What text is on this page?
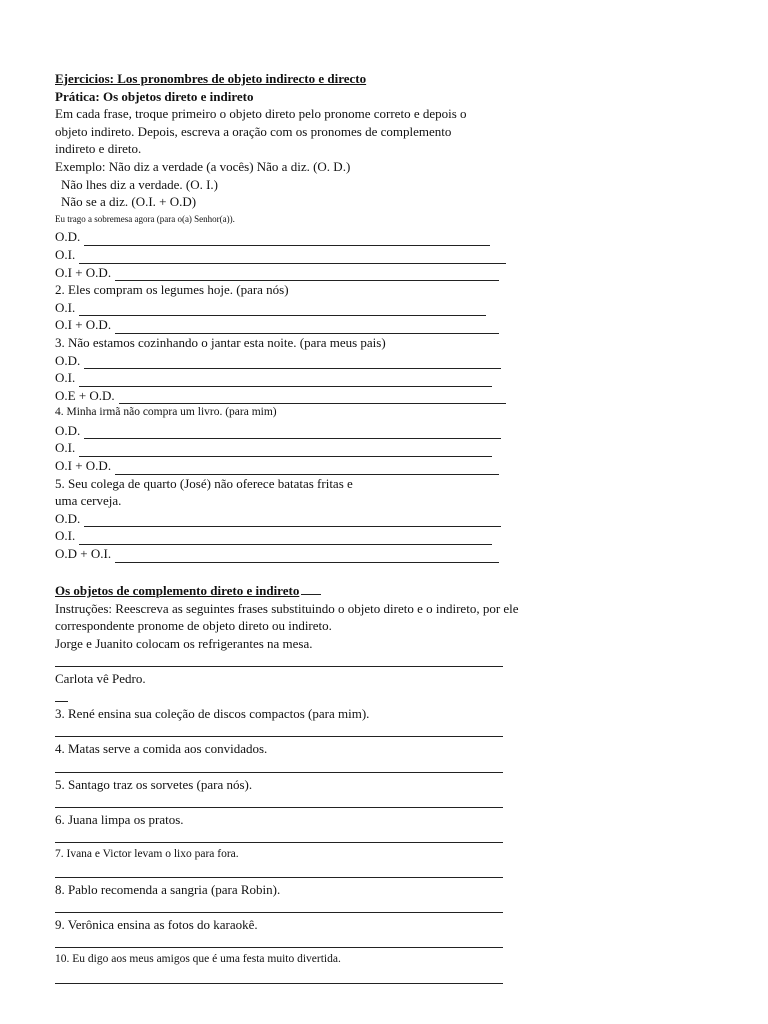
Ejercicios: Los pronombres de objeto indirecto e directo
Prática: Os objetos direto e indireto
Em cada frase, troque primeiro o objeto direto pelo pronome correto e depois o
objeto indireto. Depois, escreva a oração com os pronomes de complemento
indireto e direto.
Exemplo: Não diz a verdade (a vocês) Não a diz. (O. D.)
Não lhes diz a verdade. (O. I.)
Não se a diz. (O.I. + O.D)
Eu trago a sobremesa agora (para o(a) Senhor(a)).
O.D.
O.I.
O.I + O.D.
2. Eles compram os legumes hoje. (para nós)
O.I.
O.I + O.D.
3. Não estamos cozinhando o jantar esta noite. (para meus pais)
O.D.
O.I.
O.E + O.D.
4. Minha irmã não compra um livro. (para mim)
O.D.
O.I.
O.I + O.D.
5. Seu colega de quarto (José) não oferece batatas fritas e
uma cerveja.
O.D.
O.I.
O.D + O.I.
Os objetos de complemento direto e indireto
Instruções: Reescreva as seguintes frases substituindo o objeto direto e o indireto, por ele
correspondente pronome de objeto direto ou indireto.
Jorge e Juanito colocam os refrigerantes na mesa.
Carlota vê Pedro.
3. René ensina sua coleção de discos compactos (para mim).
4. Matas serve a comida aos convidados.
5. Santago traz os sorvetes (para nós).
6. Juana limpa os pratos.
7. Ivana e Victor levam o lixo para fora.
8. Pablo recomenda a sangria (para Robin).
9. Verônica ensina as fotos do karaokê.
10. Eu digo aos meus amigos que é uma festa muito divertida.
